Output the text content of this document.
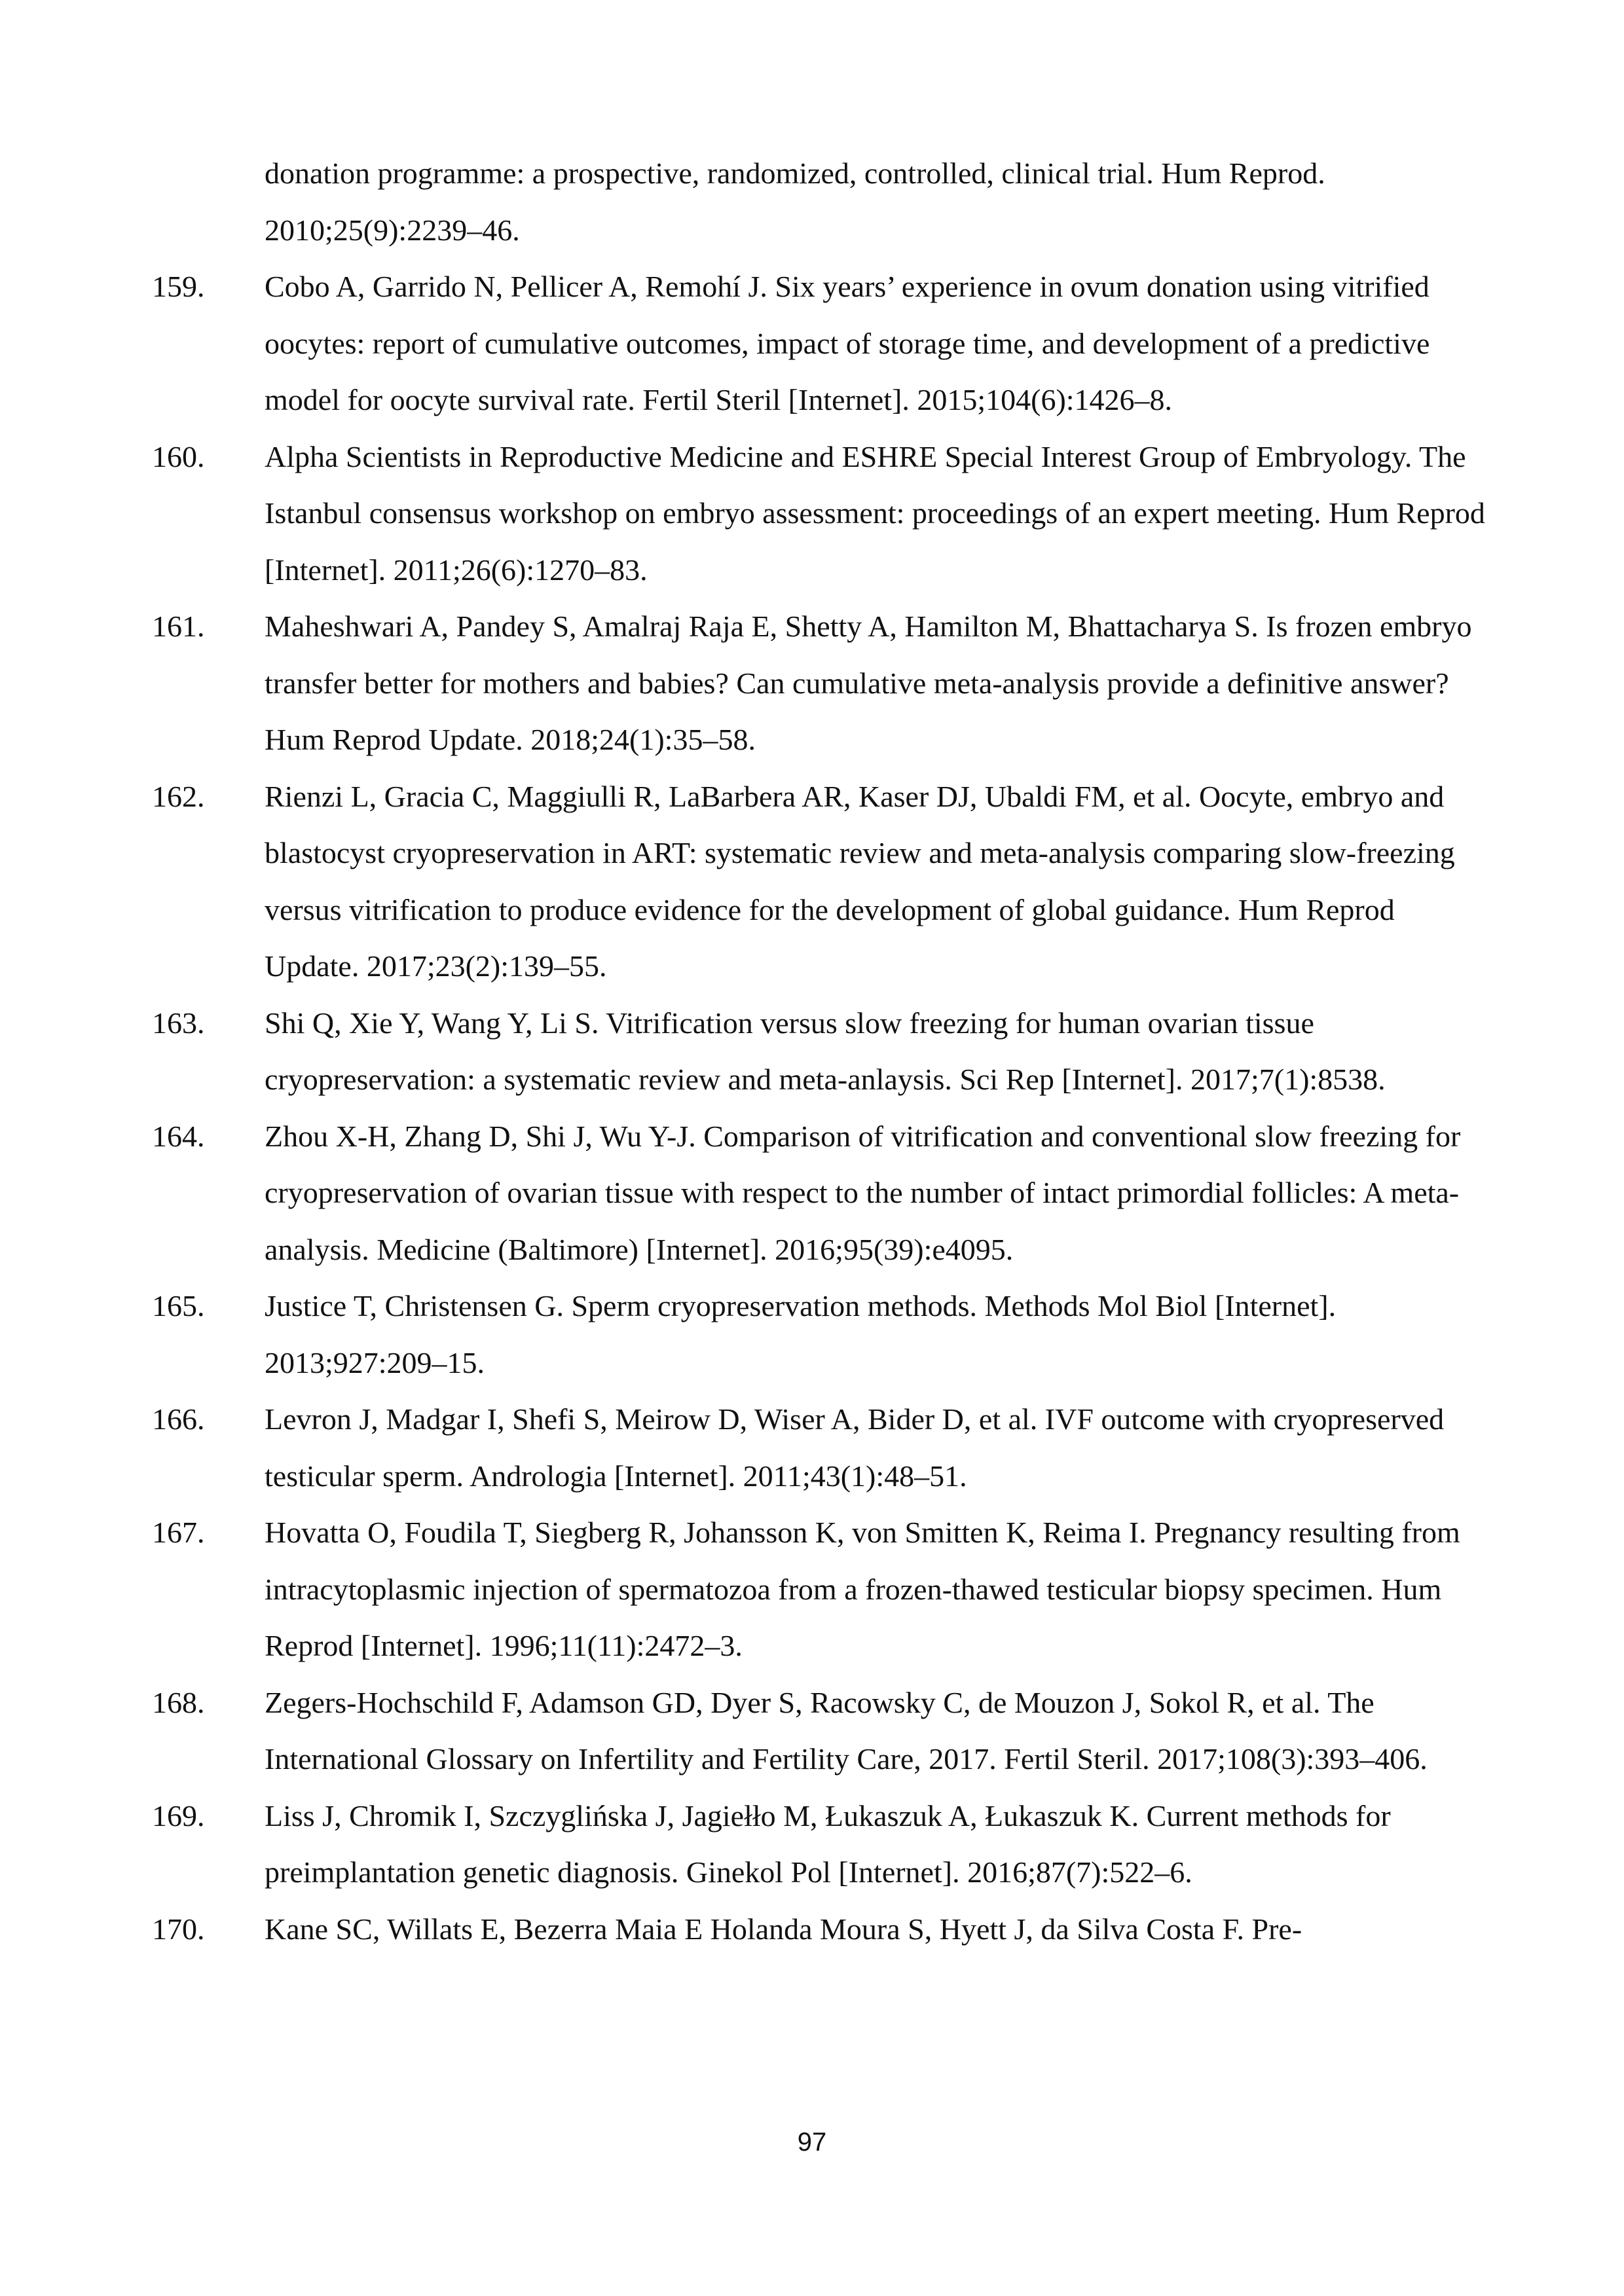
donation programme: a prospective, randomized, controlled, clinical trial. Hum Reprod. 2010;25(9):2239–46.
159. Cobo A, Garrido N, Pellicer A, Remohí J. Six years’ experience in ovum donation using vitrified oocytes: report of cumulative outcomes, impact of storage time, and development of a predictive model for oocyte survival rate. Fertil Steril [Internet]. 2015;104(6):1426–8.
160. Alpha Scientists in Reproductive Medicine and ESHRE Special Interest Group of Embryology. The Istanbul consensus workshop on embryo assessment: proceedings of an expert meeting. Hum Reprod [Internet]. 2011;26(6):1270–83.
161. Maheshwari A, Pandey S, Amalraj Raja E, Shetty A, Hamilton M, Bhattacharya S. Is frozen embryo transfer better for mothers and babies? Can cumulative meta-analysis provide a definitive answer? Hum Reprod Update. 2018;24(1):35–58.
162. Rienzi L, Gracia C, Maggiulli R, LaBarbera AR, Kaser DJ, Ubaldi FM, et al. Oocyte, embryo and blastocyst cryopreservation in ART: systematic review and meta-analysis comparing slow-freezing versus vitrification to produce evidence for the development of global guidance. Hum Reprod Update. 2017;23(2):139–55.
163. Shi Q, Xie Y, Wang Y, Li S. Vitrification versus slow freezing for human ovarian tissue cryopreservation: a systematic review and meta-anlaysis. Sci Rep [Internet]. 2017;7(1):8538.
164. Zhou X-H, Zhang D, Shi J, Wu Y-J. Comparison of vitrification and conventional slow freezing for cryopreservation of ovarian tissue with respect to the number of intact primordial follicles: A meta-analysis. Medicine (Baltimore) [Internet]. 2016;95(39):e4095.
165. Justice T, Christensen G. Sperm cryopreservation methods. Methods Mol Biol [Internet]. 2013;927:209–15.
166. Levron J, Madgar I, Shefi S, Meirow D, Wiser A, Bider D, et al. IVF outcome with cryopreserved testicular sperm. Andrologia [Internet]. 2011;43(1):48–51.
167. Hovatta O, Foudila T, Siegberg R, Johansson K, von Smitten K, Reima I. Pregnancy resulting from intracytoplasmic injection of spermatozoa from a frozen-thawed testicular biopsy specimen. Hum Reprod [Internet]. 1996;11(11):2472–3.
168. Zegers-Hochschild F, Adamson GD, Dyer S, Racowsky C, de Mouzon J, Sokol R, et al. The International Glossary on Infertility and Fertility Care, 2017. Fertil Steril. 2017;108(3):393–406.
169. Liss J, Chromik I, Szczyglińska J, Jagiełło M, Łukaszuk A, Łukaszuk K. Current methods for preimplantation genetic diagnosis. Ginekol Pol [Internet]. 2016;87(7):522–6.
170. Kane SC, Willats E, Bezerra Maia E Holanda Moura S, Hyett J, da Silva Costa F. Pre-
97
